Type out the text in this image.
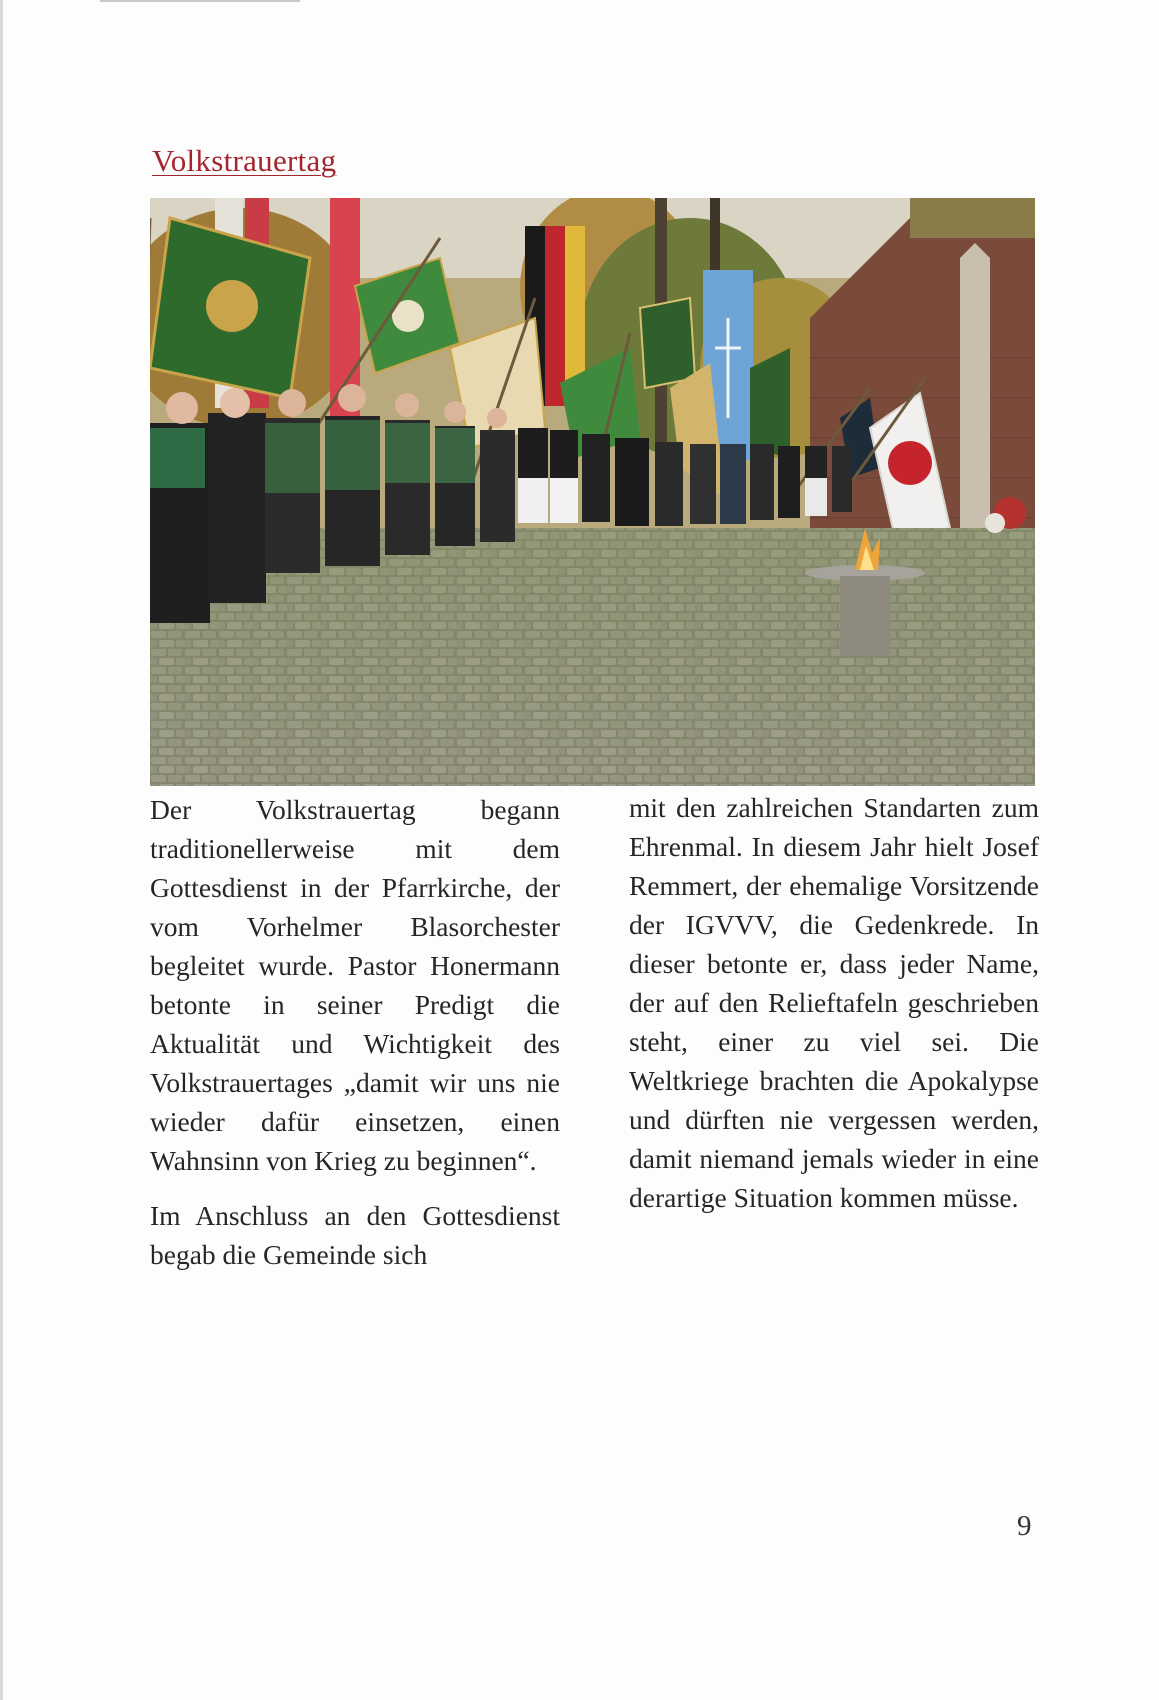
Volkstrauertag

Der Volkstrauertag begann traditionellerweise mit dem Gottesdienst in der Pfarrkirche, der vom Vorhelmer Blasorchester begleitet wurde. Pastor Honermann betonte in seiner Predigt die Aktualität und Wichtigkeit des Volkstrauertages „damit wir uns nie wieder dafür einsetzen, einen Wahnsinn von Krieg zu beginnen“.

Im Anschluss an den Gottesdienst begab die Gemeinde sich

mit den zahlreichen Standarten zum Ehrenmal. In diesem Jahr hielt Josef Remmert, der ehemalige Vorsitzende der IGVVV, die Gedenkrede. In dieser betonte er, dass jeder Name, der auf den Relieftafeln geschrieben steht, einer zu viel sei. Die Weltkriege brachten die Apokalypse und dürften nie vergessen werden, damit niemand jemals wieder in eine derartige Situation kommen müsse.

9
